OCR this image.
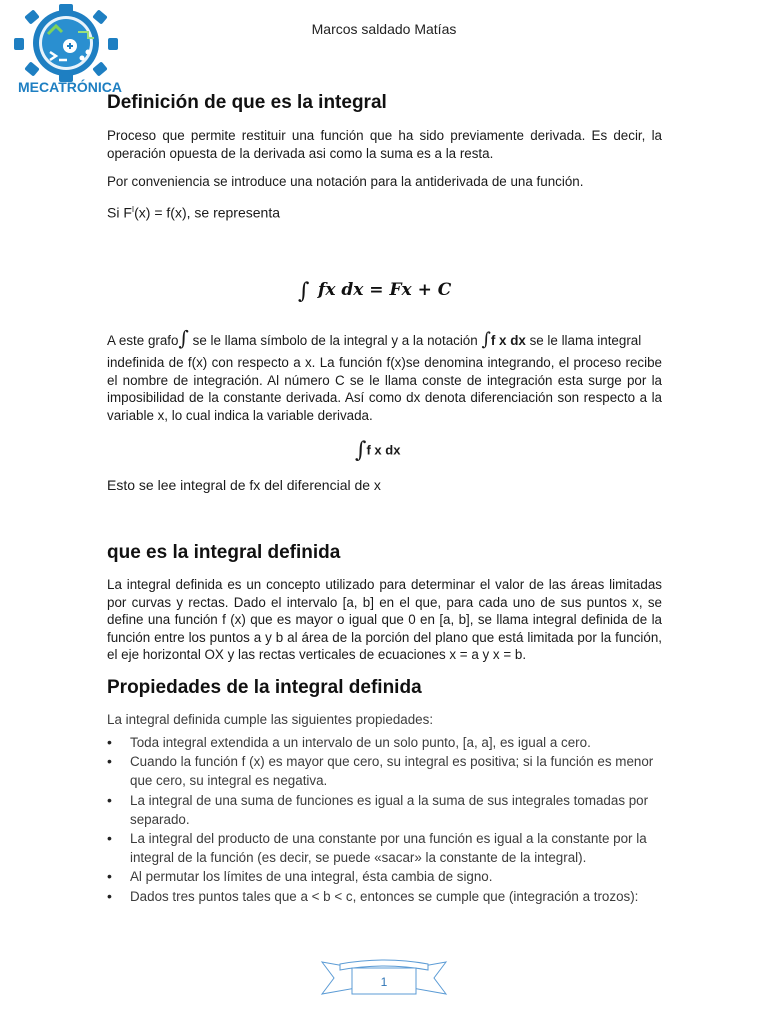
MECATRÓNICA
Marcos saldado Matías
Definición de que es la integral

Proceso que permite restituir una función que ha sido previamente derivada. Es decir, la operación opuesta de la derivada asi como la suma es a la resta.

Por conveniencia se introduce una notación para la antiderivada de una función.

Si $F^I(x) = f(x)$, se representa

∫ fx dx = Fx + C

A este grafo∫ se le llama símbolo de la integral y a la notación ∫f x dx se le llama integral

indefinida de f(x) con respecto a x. La función f(x)se denomina integrando, el proceso recibe el nombre de integración. Al número C se le llama conste de integración esta surge por la imposibilidad de la constante derivada. Así como dx denota diferenciación son respecto a la variable x, lo cual indica la variable derivada.

∫f x dx

Esto se lee integral de fx del diferencial de x

que es la integral definida

La integral definida es un concepto utilizado para determinar el valor de las áreas limitadas por curvas y rectas. Dado el intervalo [a, b] en el que, para cada uno de sus puntos x, se define una función f (x) que es mayor o igual que 0 en [a, b], se llama integral definida de la función entre los puntos a y b al área de la porción del plano que está limitada por la función, el eje horizontal OX y las rectas verticales de ecuaciones x = a y x = b.

Propiedades de la integral definida

La integral definida cumple las siguientes propiedades:

• Toda integral extendida a un intervalo de un solo punto, [a, a], es igual a cero.
• Cuando la función f (x) es mayor que cero, su integral es positiva; si la función es menor que cero, su integral es negativa.
• La integral de una suma de funciones es igual a la suma de sus integrales tomadas por separado.
• La integral del producto de una constante por una función es igual a la constante por la integral de la función (es decir, se puede «sacar» la constante de la integral).
• Al permutar los límites de una integral, ésta cambia de signo.
• Dados tres puntos tales que a < b < c, entonces se cumple que (integración a trozos):
1
